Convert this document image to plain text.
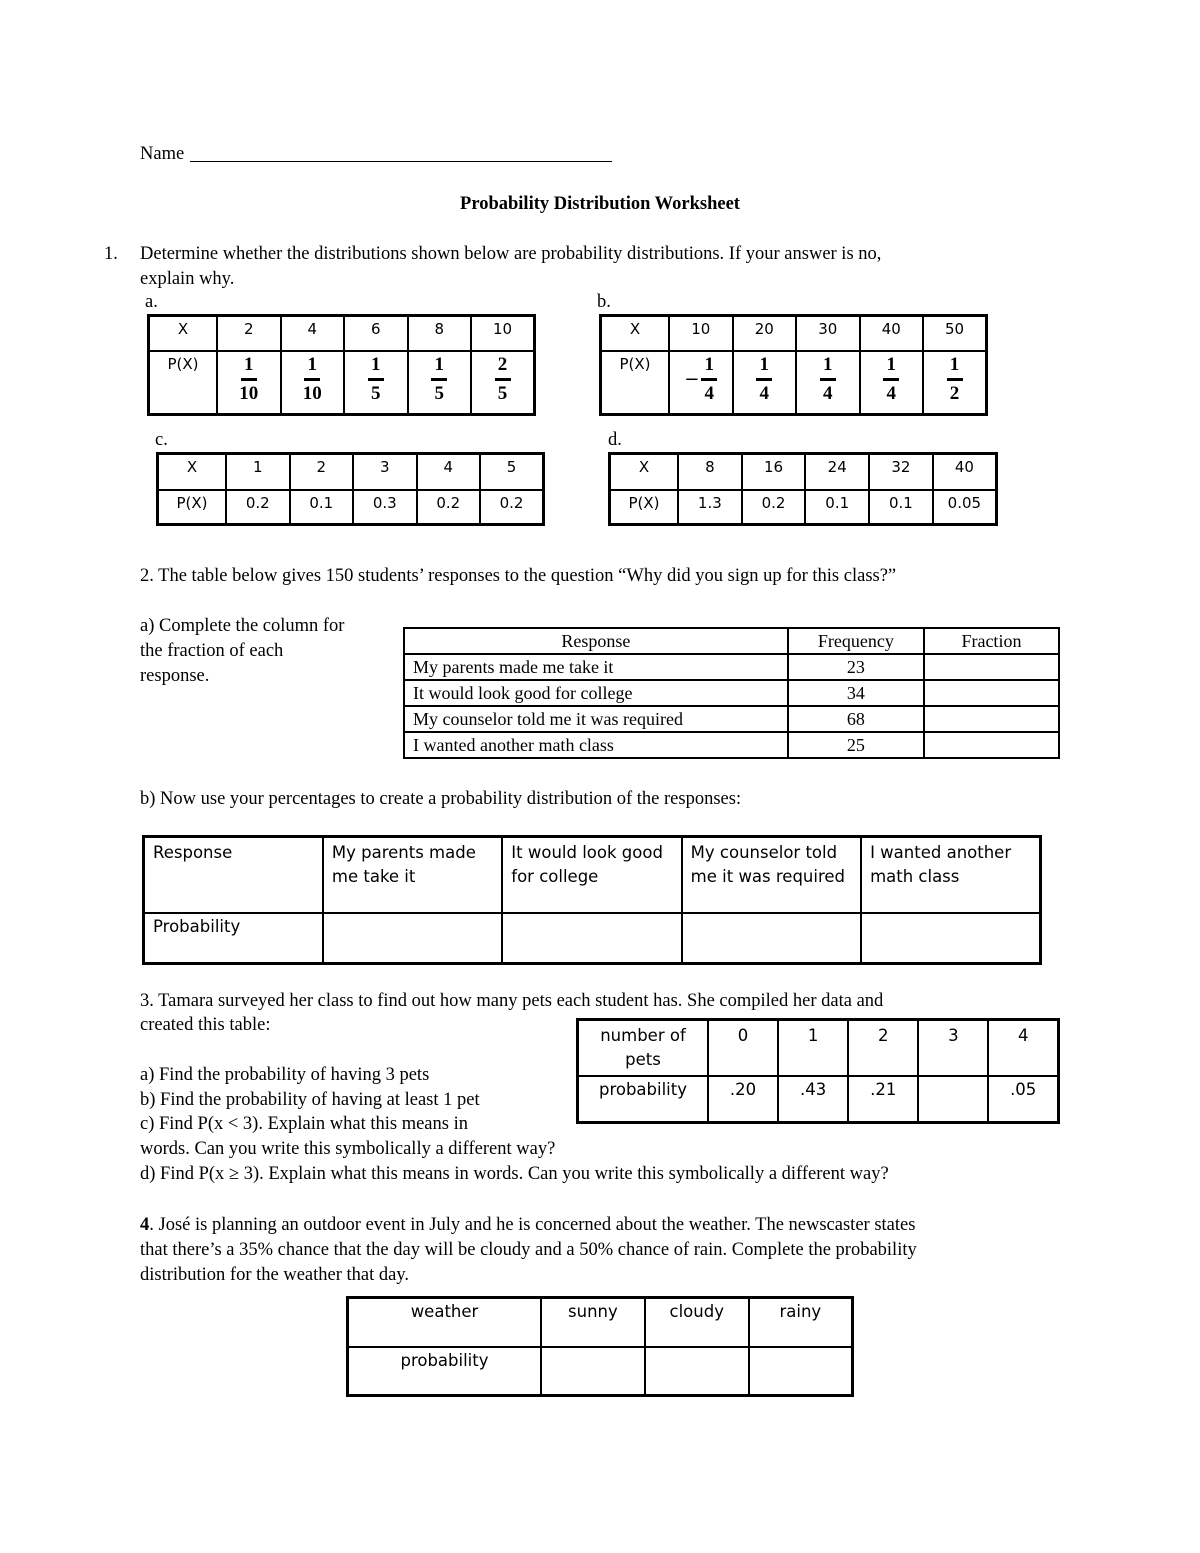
Name
Probability Distribution Worksheet
1. Determine whether the distributions shown below are probability distributions. If your answer is no,
explain why.
a.
X	2	4	6	8	10
P(X)	$\frac{1}{10}$	$\frac{1}{10}$	$\frac{1}{5}$	$\frac{1}{5}$	$\frac{2}{5}$
b.
X	10	20	30	40	50
P(X)	− $\frac{1}{4}$	$\frac{1}{4}$	$\frac{1}{4}$	$\frac{1}{4}$	$\frac{1}{2}$
c.
X	1	2	3	4	5
P(X)	0.2	0.1	0.3	0.2	0.2
d.
X	8	16	24	32	40
P(X)	1.3	0.2	0.1	0.1	0.05
2. The table below gives 150 students’ responses to the question “Why did you sign up for this class?”
a) Complete the column for
the fraction of each
response.
Response	Frequency	Fraction
My parents made me take it	23	
It would look good for college	34	
My counselor told me it was required	68	
I wanted another math class	25	
b) Now use your percentages to create a probability distribution of the responses:
Response	My parents made me take it	It would look good for college	My counselor told me it was required	I wanted another math class
Probability				
3. Tamara surveyed her class to find out how many pets each student has. She compiled her data and
created this table:
a) Find the probability of having 3 pets
b) Find the probability of having at least 1 pet
c) Find P(x < 3). Explain what this means in
words. Can you write this symbolically a different way?
d) Find P(x ≥ 3). Explain what this means in words. Can you write this symbolically a different way?
number of pets	0	1	2	3	4
probability	.20	.43	.21		.05
4. José is planning an outdoor event in July and he is concerned about the weather. The newscaster states
that there’s a 35% chance that the day will be cloudy and a 50% chance of rain. Complete the probability
distribution for the weather that day.
weather	sunny	cloudy	rainy
probability			
